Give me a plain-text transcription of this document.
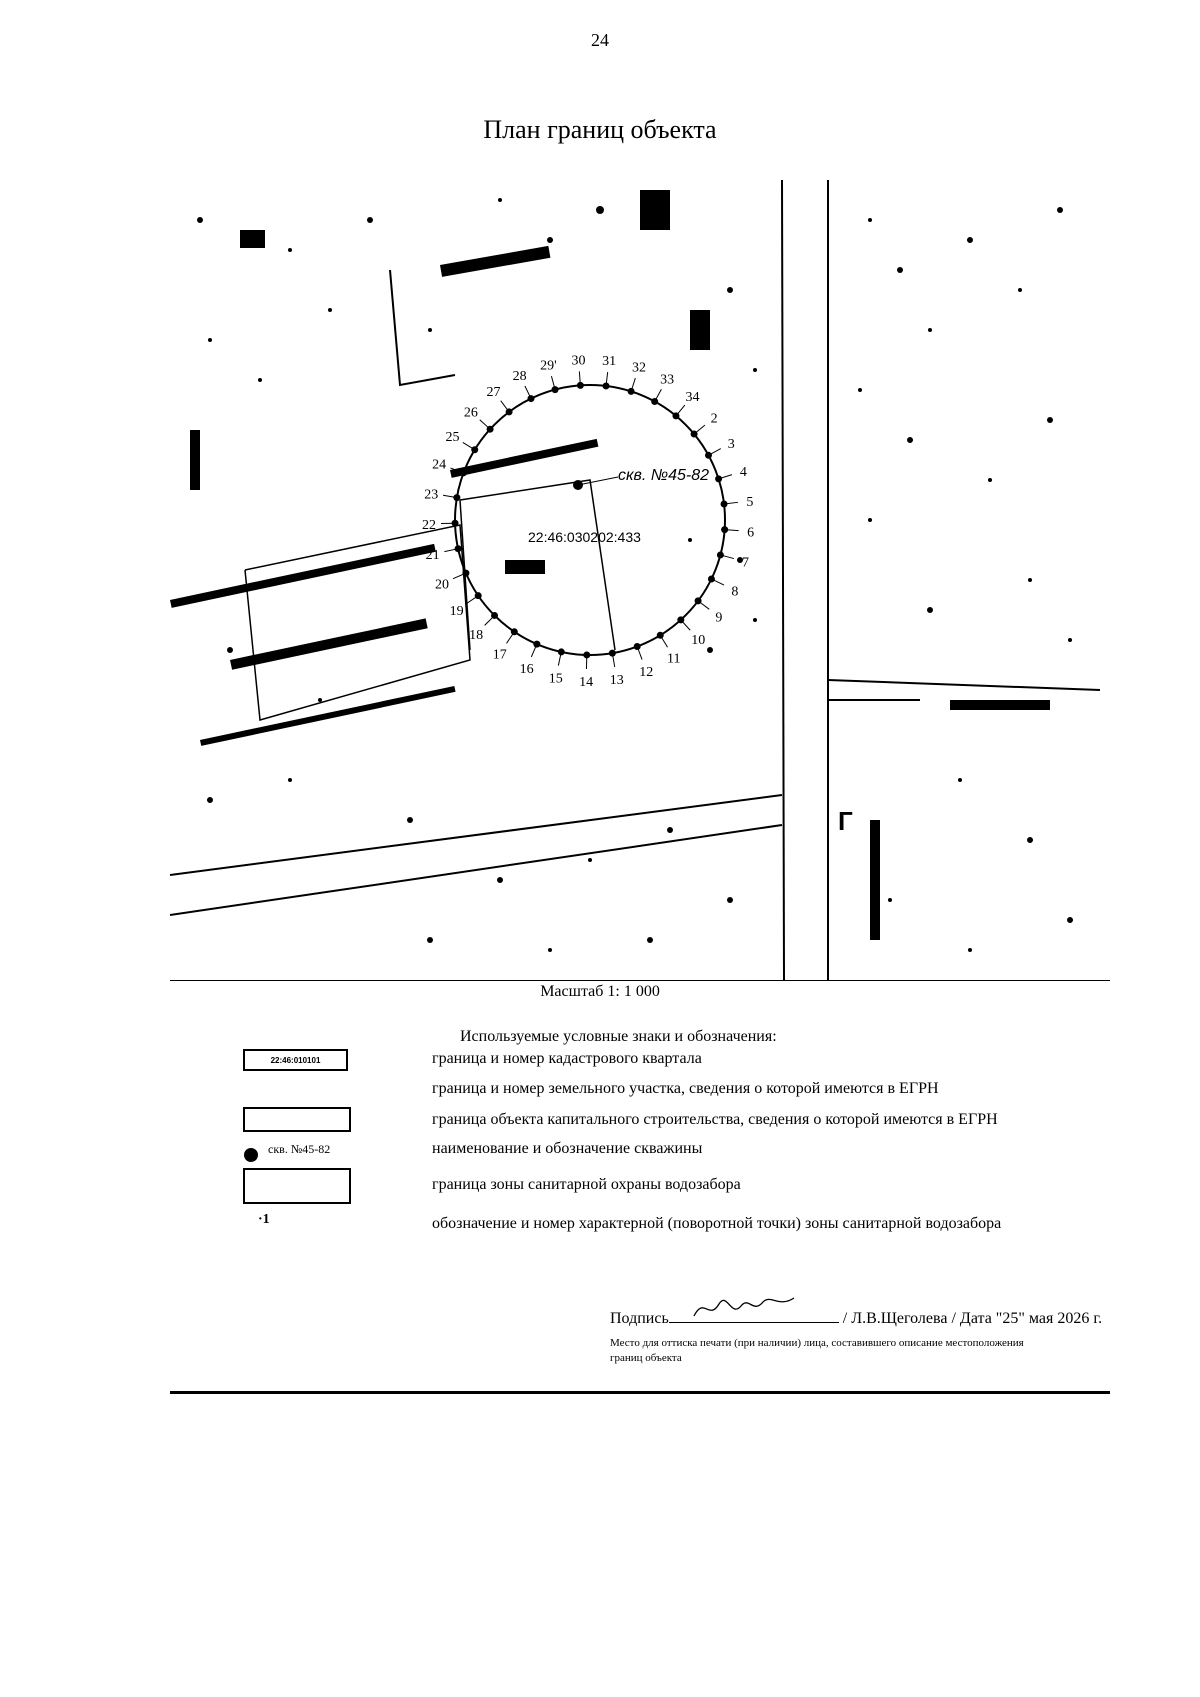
24
План границ объекта
29' 30 31 32
33
34
2
3
4
5
6
7
8
9
10
11
12
13
14
15
16
17
18
19
20
21
22
23
24
25
26
27
28
скв. №45-82
22:46:030202:433
Г
Масштаб 1: 1 000
Используемые условные знаки и обозначения:
22:46:010101	граница и номер кадастрового квартала
граница и номер земельного участка, сведения о которой имеются в ЕГРН
граница объекта капитального строительства, сведения о которой имеются в ЕГРН
скв. №45-82	наименование и обозначение скважины
граница зоны санитарной охраны водозабора
·1	обозначение и номер характерной (поворотной точки) зоны санитарной водозабора
Подпись	/ Л.В.Щеголева / Дата "25" мая 2026 г.
Место для оттиска печати (при наличии) лица, составившего описание местоположения границ объекта
